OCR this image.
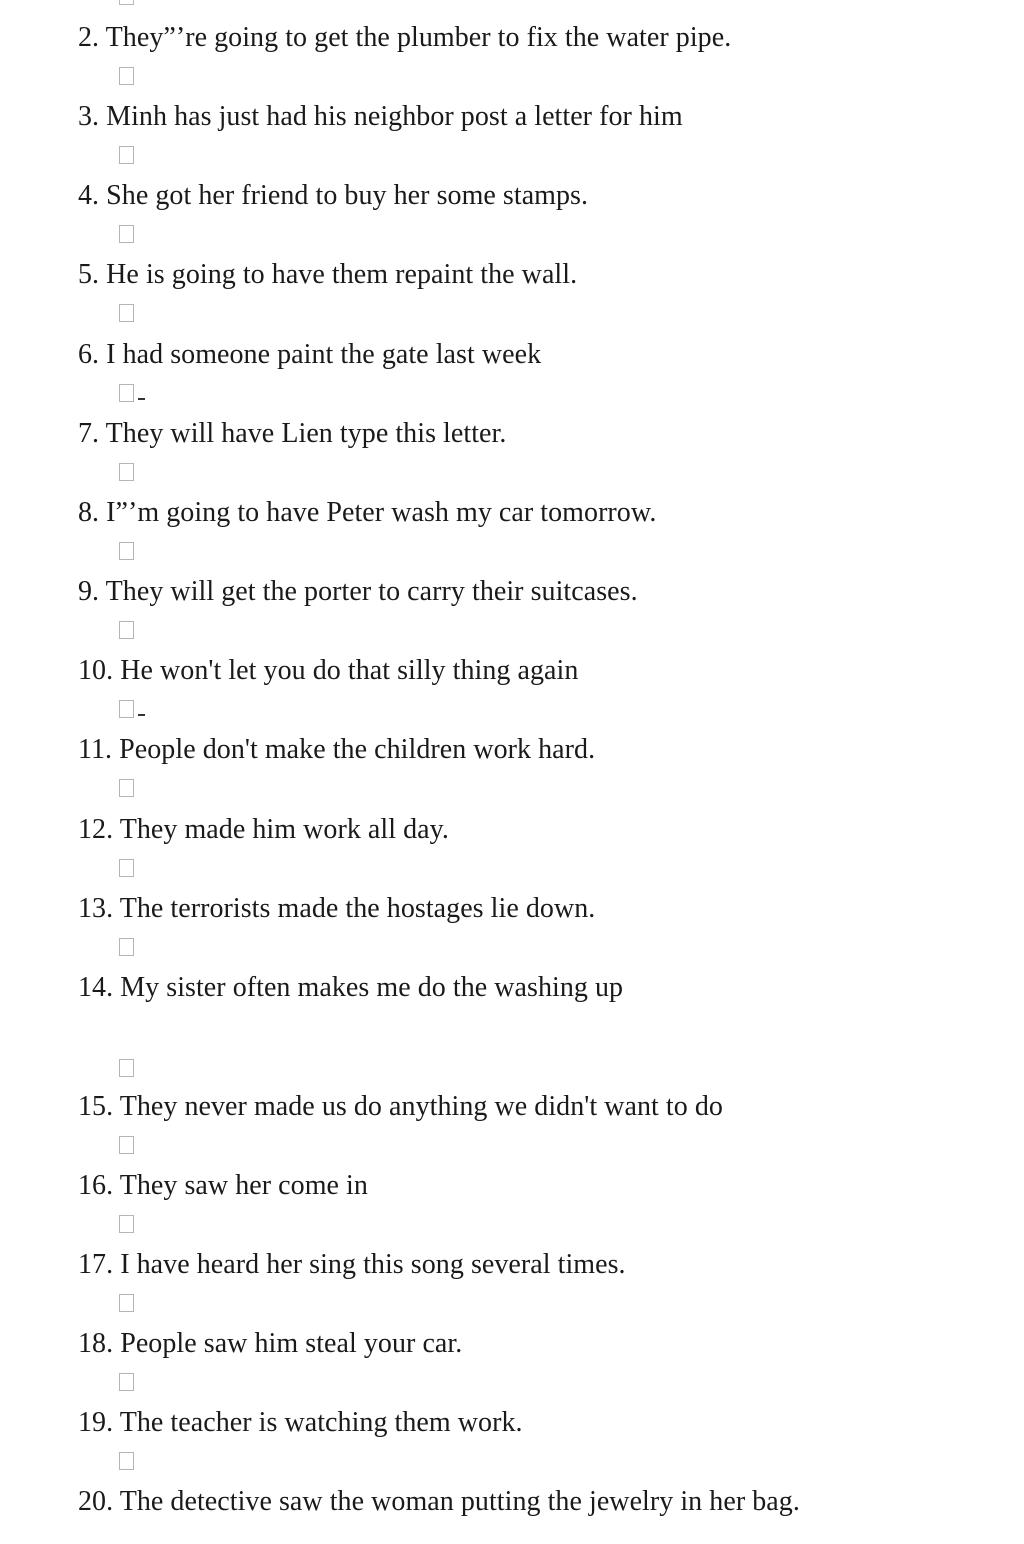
2. They”’re going to get the plumber to fix the water pipe.
3. Minh has just had his neighbor post a letter for him
4. She got her friend to buy her some stamps.
5. He is going to have them repaint the wall.
6. I had someone paint the gate last week
7. They will have Lien type this letter.
8. I”’m going to have Peter wash my car tomorrow.
9. They will get the porter to carry their suitcases.
10. He won't let you do that silly thing again
11. People don't make the children work hard.
12. They made him work all day.
13. The terrorists made the hostages lie down.
14. My sister often makes me do the washing up
15. They never made us do anything we didn't want to do
16. They saw her come in
17. I have heard her sing this song several times.
18. People saw him steal your car.
19. The teacher is watching them work.
20. The detective saw the woman putting the jewelry in her bag.
